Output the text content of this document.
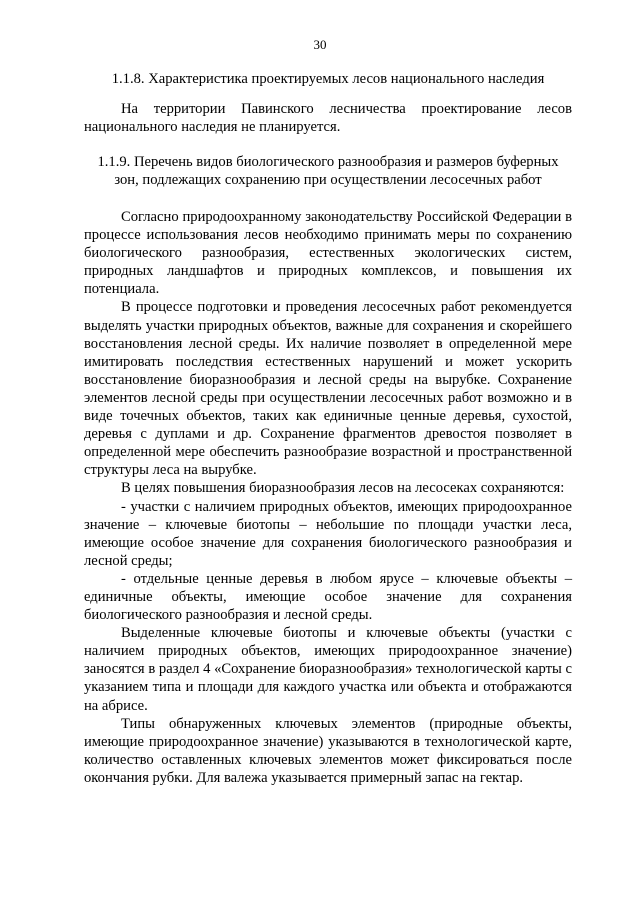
30
1.1.8. Характеристика проектируемых лесов национального наследия

На территории Павинского лесничества проектирование лесов национального наследия не планируется.

1.1.9. Перечень видов биологического разнообразия и размеров буферных
зон, подлежащих сохранению при осуществлении лесосечных работ

Согласно природоохранному законодательству Российской Федерации в процессе использования лесов необходимо принимать меры по сохранению биологического разнообразия, естественных экологических систем, природных ландшафтов и природных комплексов, и повышения их потенциала.

В процессе подготовки и проведения лесосечных работ рекомендуется выделять участки природных объектов, важные для сохранения и скорейшего восстановления лесной среды. Их наличие позволяет в определенной мере имитировать последствия естественных нарушений и может ускорить восстановление биоразнообразия и лесной среды на вырубке. Сохранение элементов лесной среды при осуществлении лесосечных работ возможно и в виде точечных объектов, таких как единичные ценные деревья, сухостой, деревья с дуплами и др. Сохранение фрагментов древостоя позволяет в определенной мере обеспечить разнообразие возрастной и пространственной структуры леса на вырубке.

В целях повышения биоразнообразия лесов на лесосеках сохраняются:

- участки с наличием природных объектов, имеющих природоохранное значение – ключевые биотопы – небольшие по площади участки леса, имеющие особое значение для сохранения биологического разнообразия и лесной среды;

- отдельные ценные деревья в любом ярусе – ключевые объекты – единичные объекты, имеющие особое значение для сохранения биологического разнообразия и лесной среды.

Выделенные ключевые биотопы и ключевые объекты (участки с наличием природных объектов, имеющих природоохранное значение) заносятся в раздел 4 «Сохранение биоразнообразия» технологической карты с указанием типа и площади для каждого участка или объекта и отображаются на абрисе.

Типы обнаруженных ключевых элементов (природные объекты, имеющие природоохранное значение) указываются в технологической карте, количество оставленных ключевых элементов может фиксироваться после окончания рубки. Для валежа указывается примерный запас на гектар.
